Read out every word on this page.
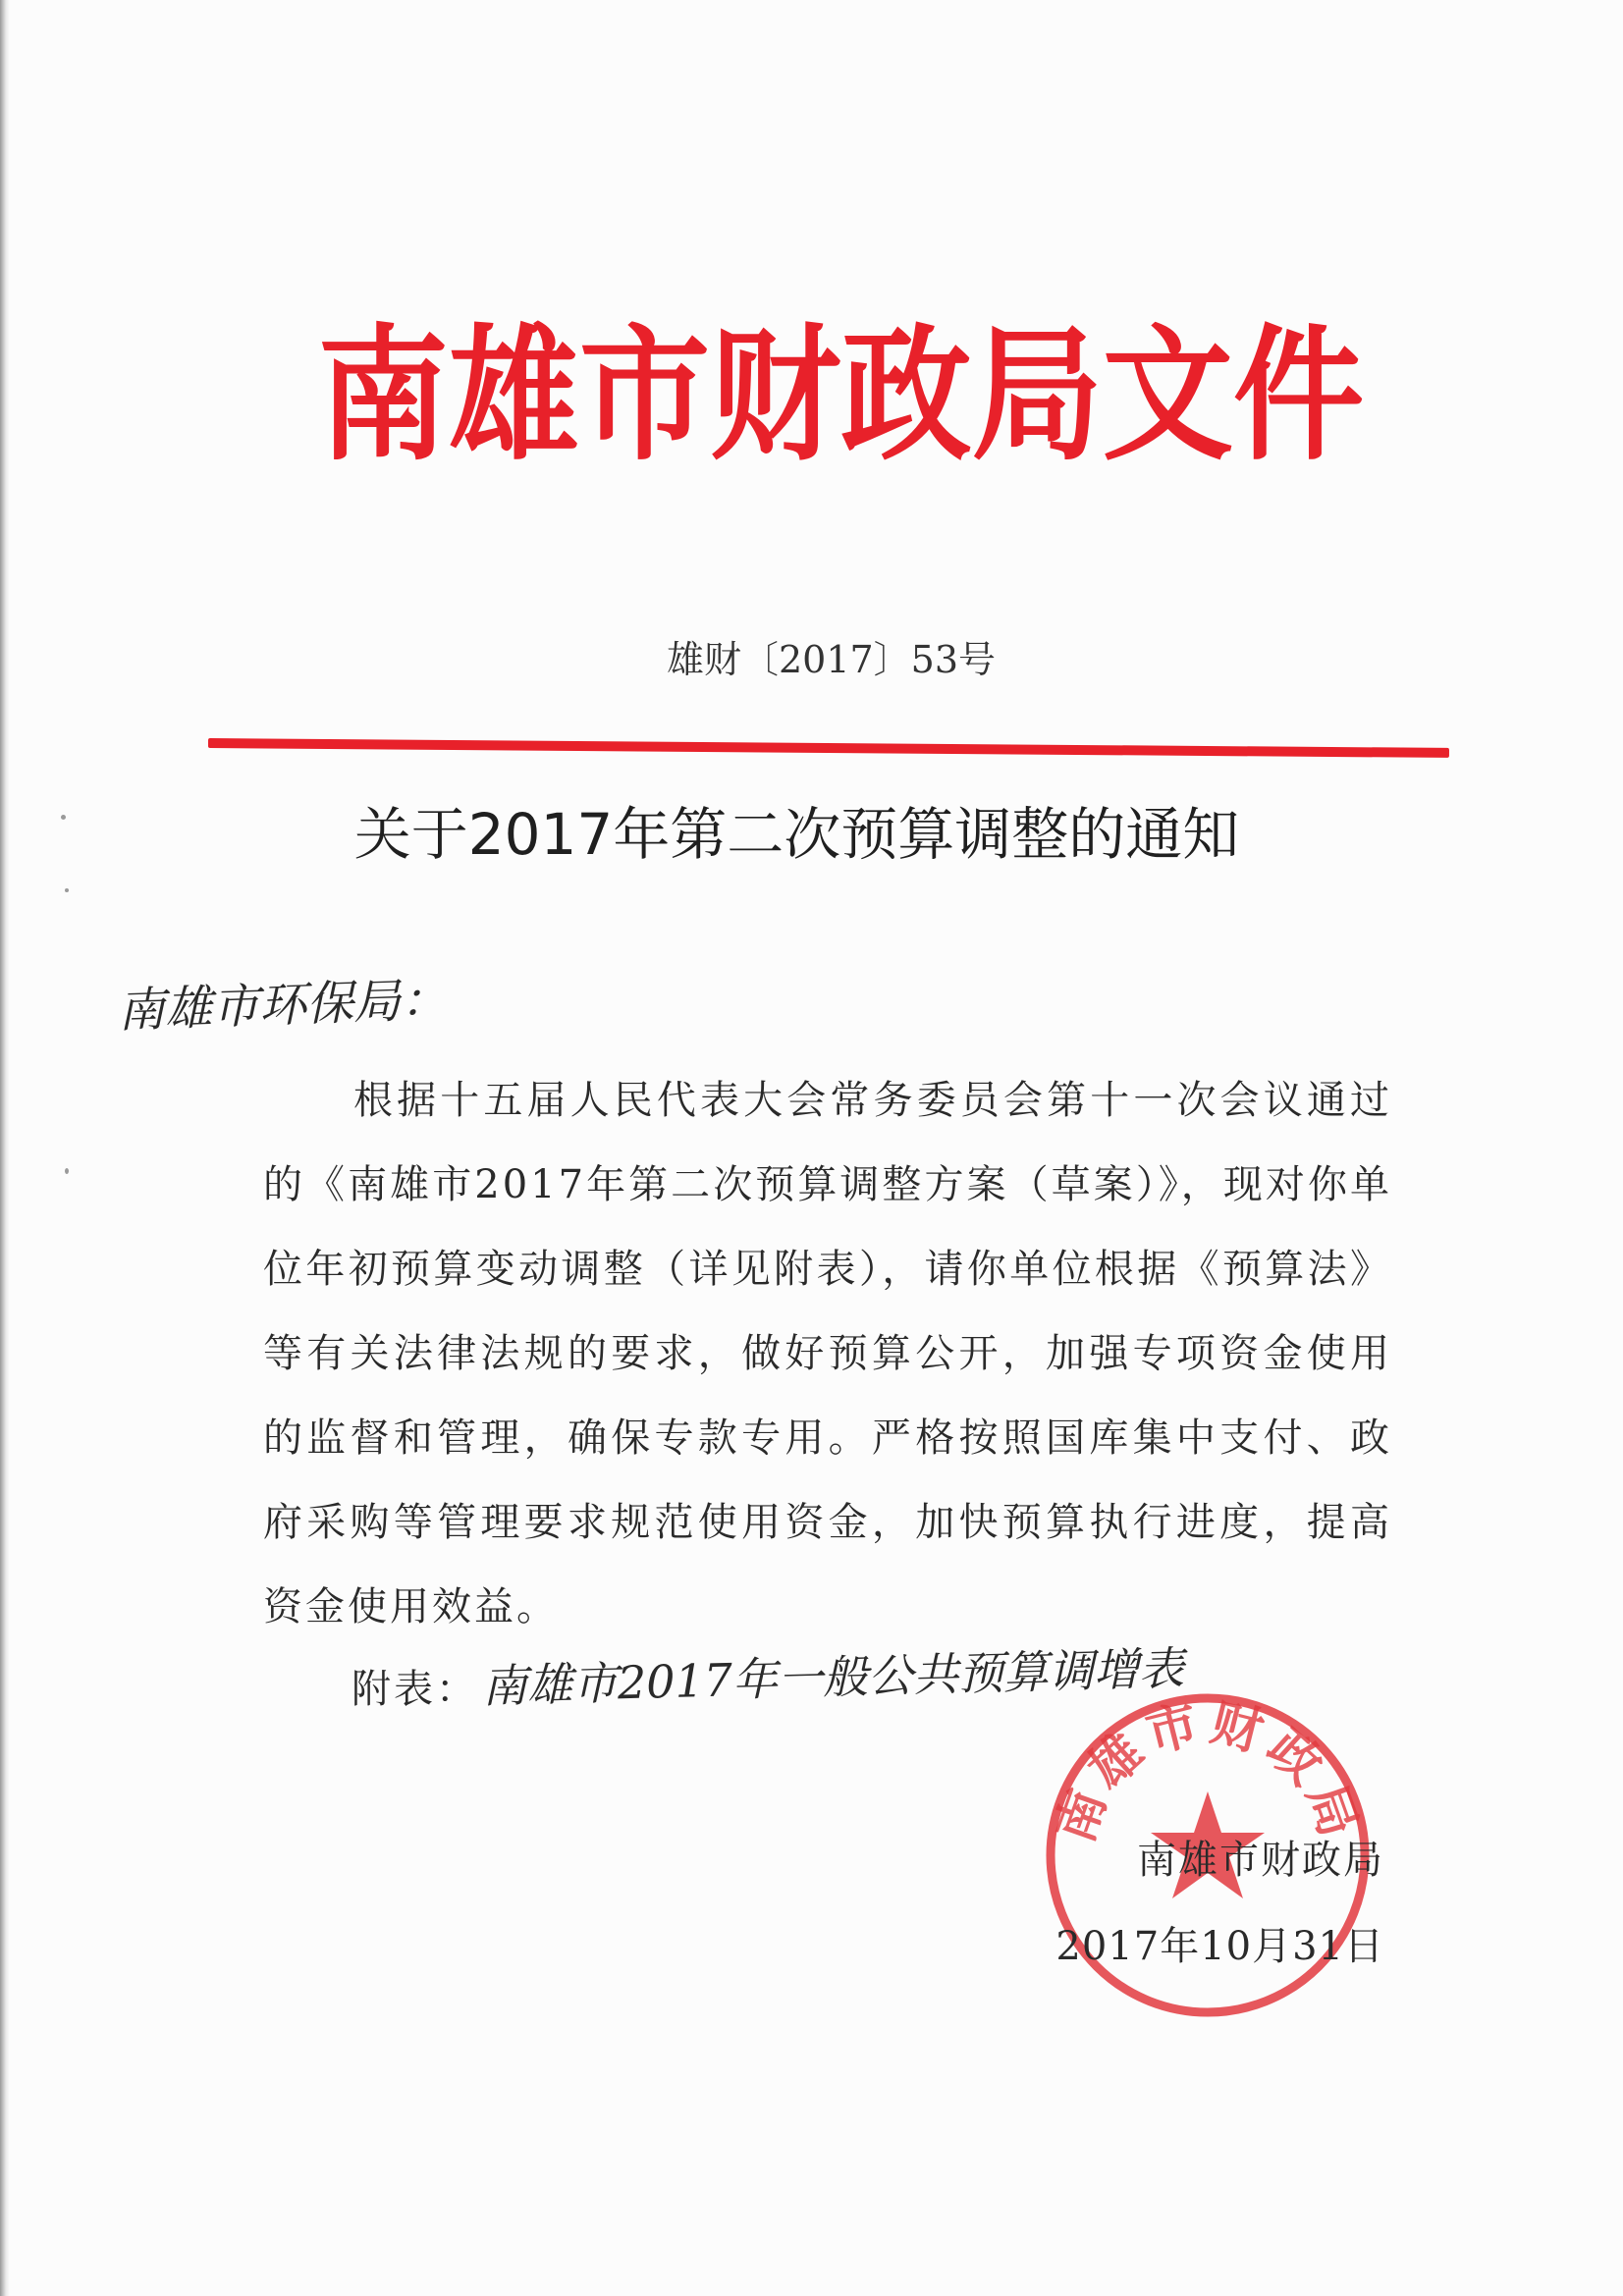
南雄市财政局文件
雄财〔2017〕53号
关于2017年第二次预算调整的通知
南雄市环保局：

根据十五届人民代表大会常务委员会第十一次会议通过的《南雄市2017年第二次预算调整方案（草案）》，现对你单位年初预算变动调整（详见附表），请你单位根据《预算法》等有关法律法规的要求，做好预算公开，加强专项资金使用的监督和管理，确保专款专用。严格按照国库集中支付、政府采购等管理要求规范使用资金，加快预算执行进度，提高资金使用效益。

附表：南雄市2017年一般公共预算调增表
南雄市财政局
南雄市财政局
2017年10月31日
